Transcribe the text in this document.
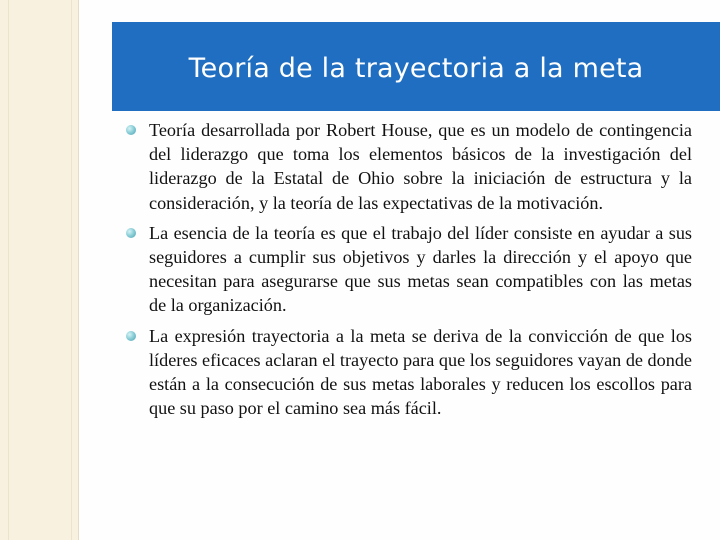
Teoría de la trayectoria a la meta
Teoría desarrollada por Robert House, que es un modelo de contingencia del liderazgo que toma los elementos básicos de la investigación del liderazgo de la Estatal de Ohio sobre la iniciación de estructura y la consideración, y la teoría de las expectativas de la motivación.
La esencia de la teoría es que el trabajo del líder consiste en ayudar a sus seguidores a cumplir sus objetivos y darles la dirección y el apoyo que necesitan para asegurarse que sus metas sean compatibles con las metas de la organización.
La expresión trayectoria a la meta se deriva de la convicción de que los líderes eficaces aclaran el trayecto para que los seguidores vayan de donde están a la consecución de sus metas laborales y reducen los escollos para que su paso por el camino sea más fácil.
